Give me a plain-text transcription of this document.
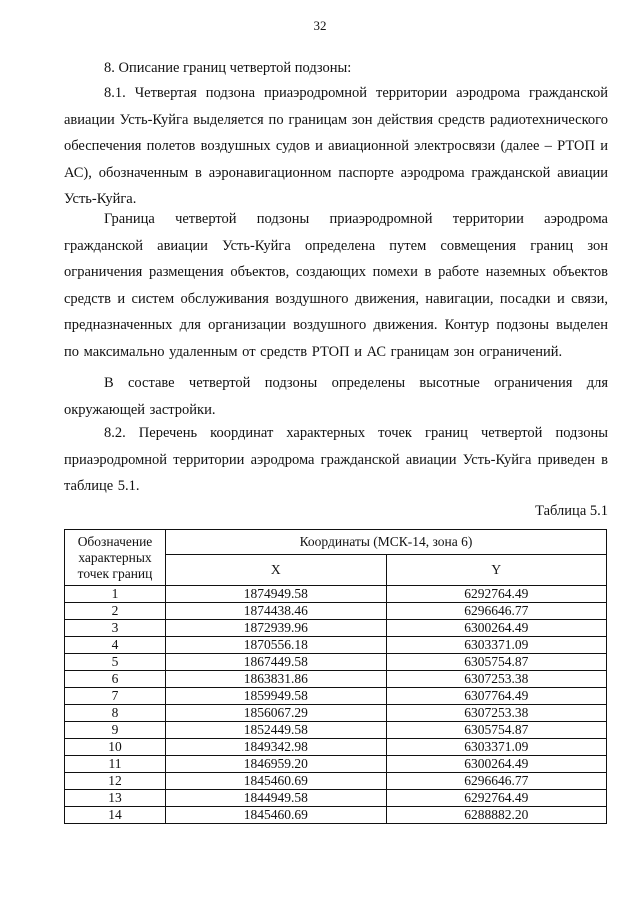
32
8. Описание границ четвертой подзоны:

8.1. Четвертая подзона приаэродромной территории аэродрома гражданской авиации Усть-Куйга выделяется по границам зон действия средств радиотехнического обеспечения полетов воздушных судов и авиационной электросвязи (далее – РТОП и АС), обозначенным в аэронавигационном паспорте аэродрома гражданской авиации Усть-Куйга.

Граница четвертой подзоны приаэродромной территории аэродрома гражданской авиации Усть-Куйга определена путем совмещения границ зон ограничения размещения объектов, создающих помехи в работе наземных объектов средств и систем обслуживания воздушного движения, навигации, посадки и связи, предназначенных для организации воздушного движения. Контур подзоны выделен по максимально удаленным от средств РТОП и АС границам зон ограничений.

В составе четвертой подзоны определены высотные ограничения для окружающей застройки.

8.2. Перечень координат характерных точек границ четвертой подзоны приаэродромной территории аэродрома гражданской авиации Усть-Куйга приведен в таблице 5.1.

Таблица 5.1
Обозначение характерных точек границ	Координаты (МСК-14, зона 6)	
	X	Y
1	1874949.58	6292764.49
2	1874438.46	6296646.77
3	1872939.96	6300264.49
4	1870556.18	6303371.09
5	1867449.58	6305754.87
6	1863831.86	6307253.38
7	1859949.58	6307764.49
8	1856067.29	6307253.38
9	1852449.58	6305754.87
10	1849342.98	6303371.09
11	1846959.20	6300264.49
12	1845460.69	6296646.77
13	1844949.58	6292764.49
14	1845460.69	6288882.20
